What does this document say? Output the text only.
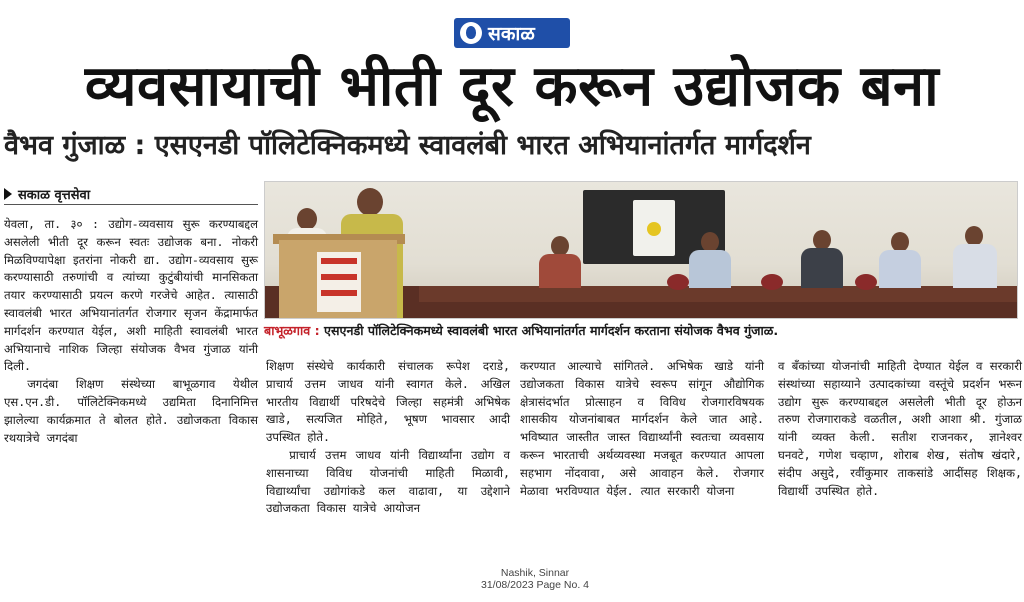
सकाळ
व्यवसायाची भीती दूर करून उद्योजक बना
वैभव गुंजाळ : एसएनडी पॉलिटेक्निकमध्ये स्वावलंबी भारत अभियानांतर्गत मार्गदर्शन
सकाळ वृत्तसेवा

येवला, ता. ३० : उद्योग-व्यवसाय सुरू करण्याबद्दल असलेली भीती दूर करून स्वतः उद्योजक बना. नोकरी मिळविण्यापेक्षा इतरांना नोकरी द्या. उद्योग-व्यवसाय सुरू करण्यासाठी तरुणांची व त्यांच्या कुटुंबीयांची मानसिकता तयार करण्यासाठी प्रयत्न करणे गरजेचे आहेत. त्यासाठी स्वावलंबी भारत अभियानांतर्गत रोजगार सृजन केंद्रामार्फत मार्गदर्शन करण्यात येईल, अशी माहिती स्वावलंबी भारत अभियानाचे नाशिक जिल्हा संयोजक वैभव गुंजाळ यांनी दिली.

जगदंबा शिक्षण संस्थेच्या बाभूळगाव येथील एस.एन.डी. पॉलिटेक्निकमध्ये उद्यमिता दिनानिमित्त झालेल्या कार्यक्रमात ते बोलत होते. उद्योजकता विकास रथयात्रेचे जगदंबा

बाभूळगाव : एसएनडी पॉलिटेक्निकमध्ये स्वावलंबी भारत अभियानांतर्गत मार्गदर्शन करताना संयोजक वैभव गुंजाळ.

शिक्षण संस्थेचे कार्यकारी संचालक रूपेश दराडे, प्राचार्य उत्तम जाधव यांनी स्वागत केले. अखिल भारतीय विद्यार्थी परिषदेचे जिल्हा सहमंत्री अभिषेक खाडे, सत्यजित मोहिते, भूषण भावसार आदी उपस्थित होते.

प्राचार्य उत्तम जाधव यांनी विद्यार्थ्यांना उद्योग व शासनाच्या विविध योजनांची माहिती मिळावी, विद्यार्थ्यांचा उद्योगांकडे कल वाढावा, या उद्देशाने उद्योजकता विकास यात्रेचे आयोजन

करण्यात आल्याचे सांगितले. अभिषेक खाडे यांनी उद्योजकता विकास यात्रेचे स्वरूप सांगून औद्योगिक क्षेत्रासंदर्भात प्रोत्साहन व विविध रोजगारविषयक शासकीय योजनांबाबत मार्गदर्शन केले जात आहे. भविष्यात जास्तीत जास्त विद्यार्थ्यांनी स्वतःचा व्यवसाय करून भारताची अर्थव्यवस्था मजबूत करण्यात आपला सहभाग नोंदवावा, असे आवाहन केले. रोजगार मेळावा भरविण्यात येईल. त्यात सरकारी योजना

व बँकांच्या योजनांची माहिती देण्यात येईल व सरकारी संस्थांच्या सहाय्याने उत्पादकांच्या वस्तूंचे प्रदर्शन भरून उद्योग सुरू करण्याबद्दल असलेली भीती दूर होऊन तरुण रोजगाराकडे वळतील, अशी आशा श्री. गुंजाळ यांनी व्यक्त केली. सतीश राजनकर, ज्ञानेश्वर घनवटे, गणेश चव्हाण, शोराब शेख, संतोष खंदारे, संदीप असुदे, रवींकुमार ताकसांडे आदींसह शिक्षक, विद्यार्थी उपस्थित होते.

Nashik, Sinnar
31/08/2023 Page No. 4
